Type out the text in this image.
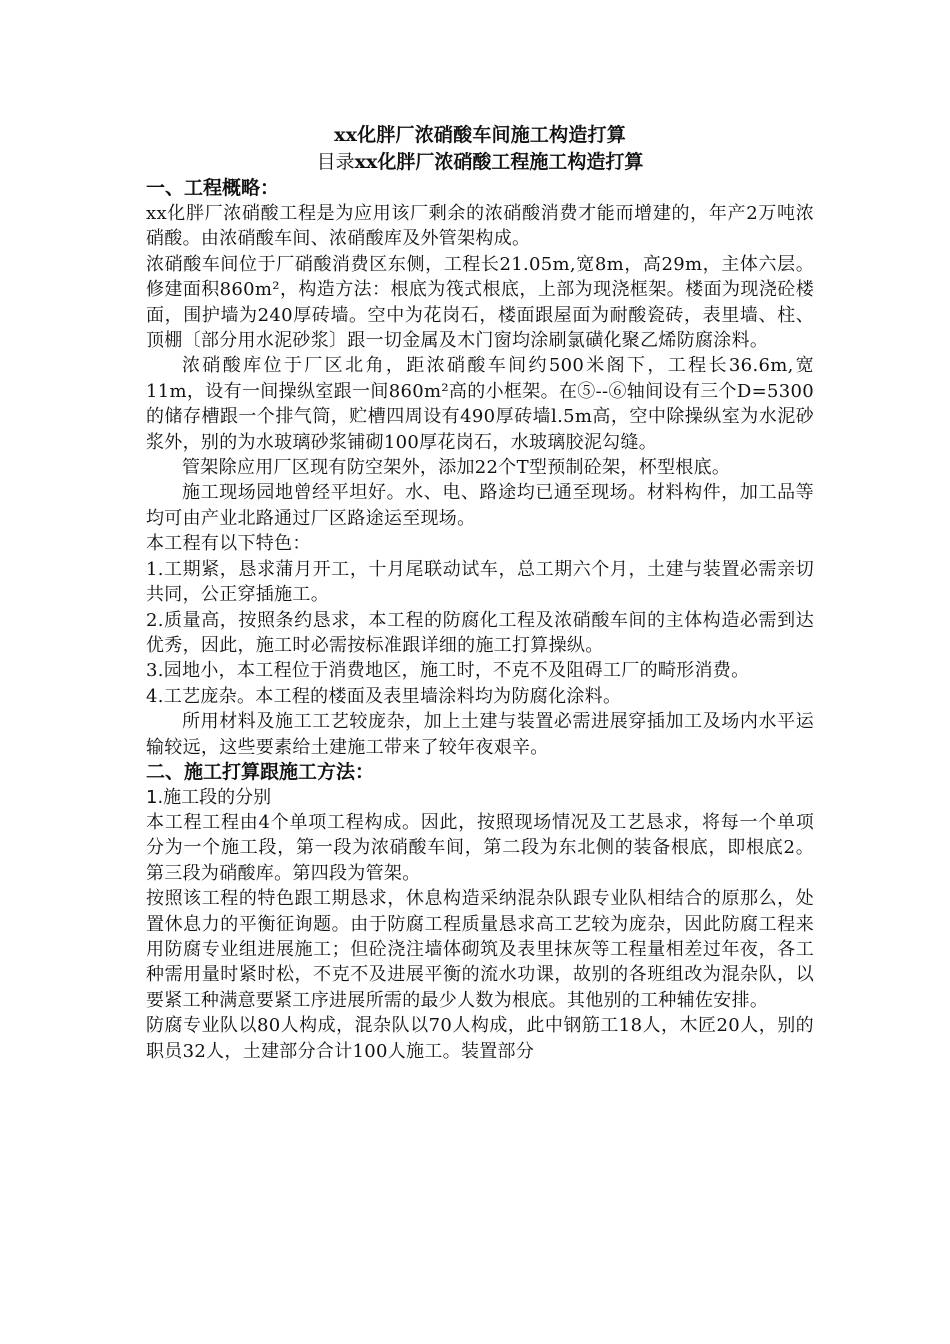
xx化胖厂浓硝酸车间施工构造打算

目录xx化胖厂浓硝酸工程施工构造打算

一、工程概略：

xx化胖厂浓硝酸工程是为应用该厂剩余的浓硝酸消费才能而增建的，年产2万吨浓硝酸。由浓硝酸车间、浓硝酸库及外管架构成。

浓硝酸车间位于厂硝酸消费区东侧，工程长21.05m,宽8m，高29m，主体六层。修建面积860m²，构造方法：根底为筏式根底，上部为现浇框架。楼面为现浇砼楼面，围护墙为240厚砖墙。空中为花岗石，楼面跟屋面为耐酸瓷砖，表里墙、柱、顶棚〔部分用水泥砂浆〕跟一切金属及木门窗均涂刷氯磺化聚乙烯防腐涂料。

浓硝酸库位于厂区北角，距浓硝酸车间约500米阁下，工程长36.6m,宽11m，设有一间操纵室跟一间860m²高的小框架。在⑤--⑥轴间设有三个D=5300的储存槽跟一个排气筒，贮槽四周设有490厚砖墙l.5m高，空中除操纵室为水泥砂浆外，别的为水玻璃砂浆铺砌100厚花岗石，水玻璃胶泥勾缝。

管架除应用厂区现有防空架外，添加22个T型预制砼架，杯型根底。

施工现场园地曾经平坦好。水、电、路途均已通至现场。材料构件，加工品等均可由产业北路通过厂区路途运至现场。

本工程有以下特色：

1.工期紧，恳求蒲月开工，十月尾联动试车，总工期六个月，土建与装置必需亲切共同，公正穿插施工。

2.质量高，按照条约恳求，本工程的防腐化工程及浓硝酸车间的主体构造必需到达优秀，因此，施工时必需按标准跟详细的施工打算操纵。

3.园地小，本工程位于消费地区，施工时，不克不及阻碍工厂的畸形消费。

4.工艺庞杂。本工程的楼面及表里墙涂料均为防腐化涂料。

所用材料及施工工艺较庞杂，加上土建与装置必需进展穿插加工及场内水平运输较远，这些要素给土建施工带来了较年夜艰辛。

二、施工打算跟施工方法：

1.施工段的分别

本工程工程由4个单项工程构成。因此，按照现场情况及工艺恳求，将每一个单项分为一个施工段，第一段为浓硝酸车间，第二段为东北侧的装备根底，即根底2。第三段为硝酸库。第四段为管架。

按照该工程的特色跟工期恳求，休息构造采纳混杂队跟专业队相结合的原那么，处置休息力的平衡征询题。由于防腐工程质量恳求高工艺较为庞杂，因此防腐工程来用防腐专业组进展施工；但砼浇注墙体砌筑及表里抹灰等工程量相差过年夜，各工种需用量时紧时松，不克不及进展平衡的流水功课，故别的各班组改为混杂队，以要紧工种满意要紧工序进展所需的最少人数为根底。其他别的工种辅佐安排。

防腐专业队以80人构成，混杂队以70人构成，此中钢筋工18人，木匠20人，别的职员32人，土建部分合计100人施工。装置部分
